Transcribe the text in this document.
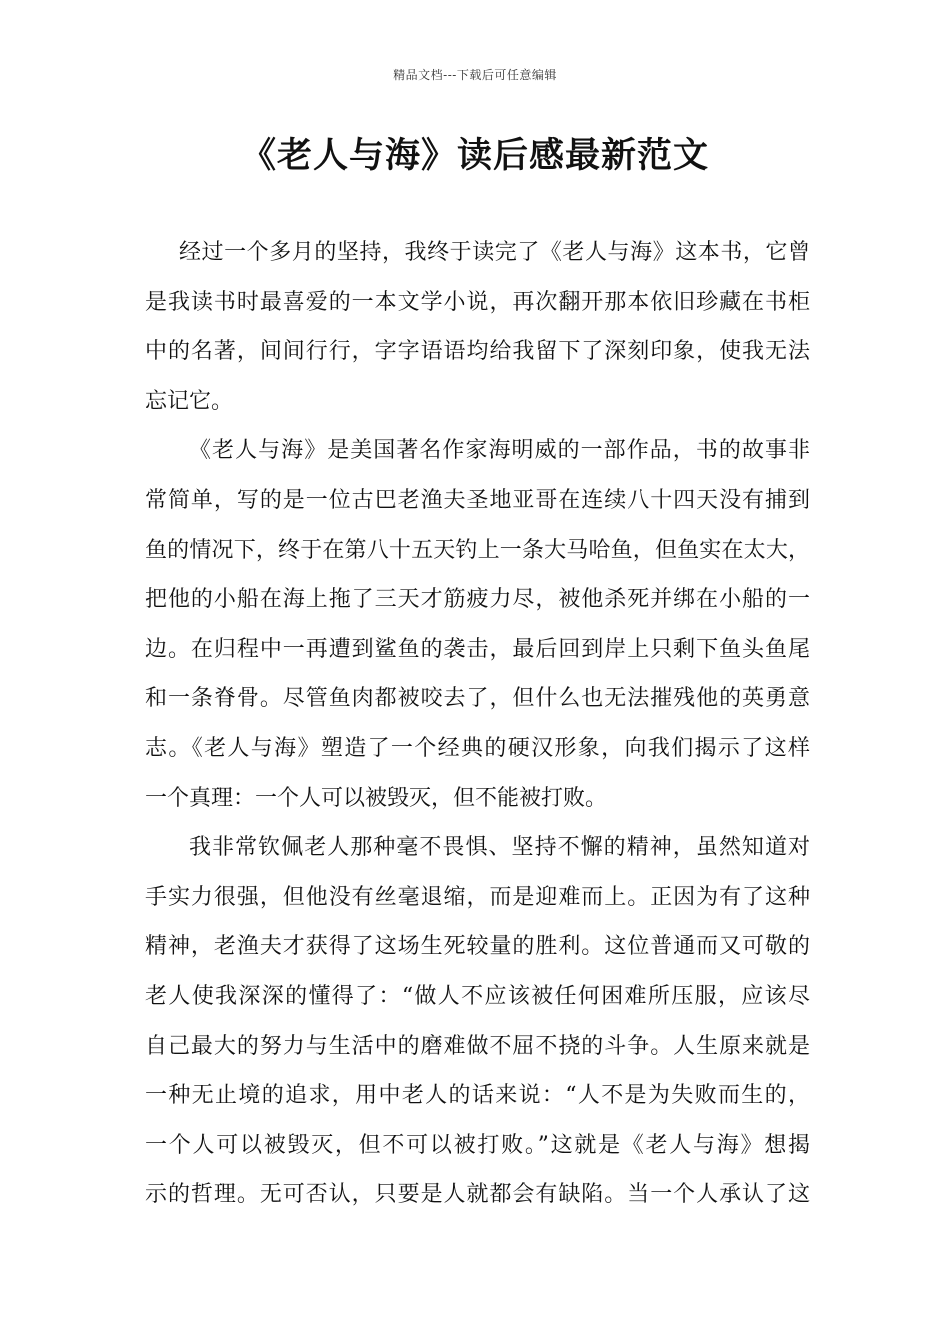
精品文档---下载后可任意编辑
《老人与海》读后感最新范文
经过一个多月的坚持，我终于读完了《老人与海》这本书，它曾
是我读书时最喜爱的一本文学小说，再次翻开那本依旧珍藏在书柜
中的名著，间间行行，字字语语均给我留下了深刻印象，使我无法
忘记它。
《老人与海》是美国著名作家海明威的一部作品，书的故事非
常简单，写的是一位古巴老渔夫圣地亚哥在连续八十四天没有捕到
鱼的情况下，终于在第八十五天钓上一条大马哈鱼，但鱼实在太大，
把他的小船在海上拖了三天才筋疲力尽，被他杀死并绑在小船的一
边。在归程中一再遭到鲨鱼的袭击，最后回到岸上只剩下鱼头鱼尾
和一条脊骨。尽管鱼肉都被咬去了，但什么也无法摧残他的英勇意
志。《老人与海》塑造了一个经典的硬汉形象，向我们揭示了这样
一个真理：一个人可以被毁灭，但不能被打败。
我非常钦佩老人那种毫不畏惧、坚持不懈的精神，虽然知道对
手实力很强，但他没有丝毫退缩，而是迎难而上。正因为有了这种
精神，老渔夫才获得了这场生死较量的胜利。这位普通而又可敬的
老人使我深深的懂得了：“做人不应该被任何困难所压服，应该尽
自己最大的努力与生活中的磨难做不屈不挠的斗争。人生原来就是
一种无止境的追求，用中老人的话来说：“人不是为失败而生的，
一个人可以被毁灭，但不可以被打败。”这就是《老人与海》想揭
示的哲理。无可否认，只要是人就都会有缺陷。当一个人承认了这
